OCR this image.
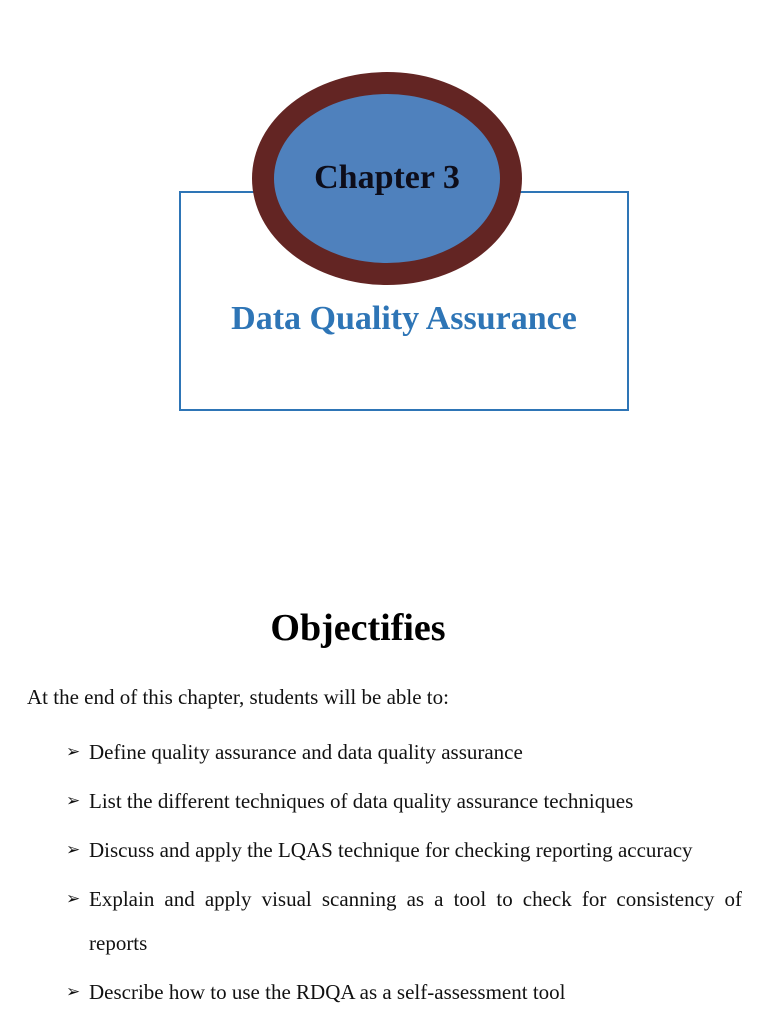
Chapter 3
Data Quality Assurance
Objectifies
At the end of this chapter, students will be able to:
➢ Define quality assurance and data quality assurance
➢ List the different techniques of data quality assurance techniques
➢ Discuss and apply the LQAS technique for checking reporting accuracy
➢ Explain and apply visual scanning as a tool to check for consistency of reports
➢ Describe how to use the RDQA as a self-assessment tool
